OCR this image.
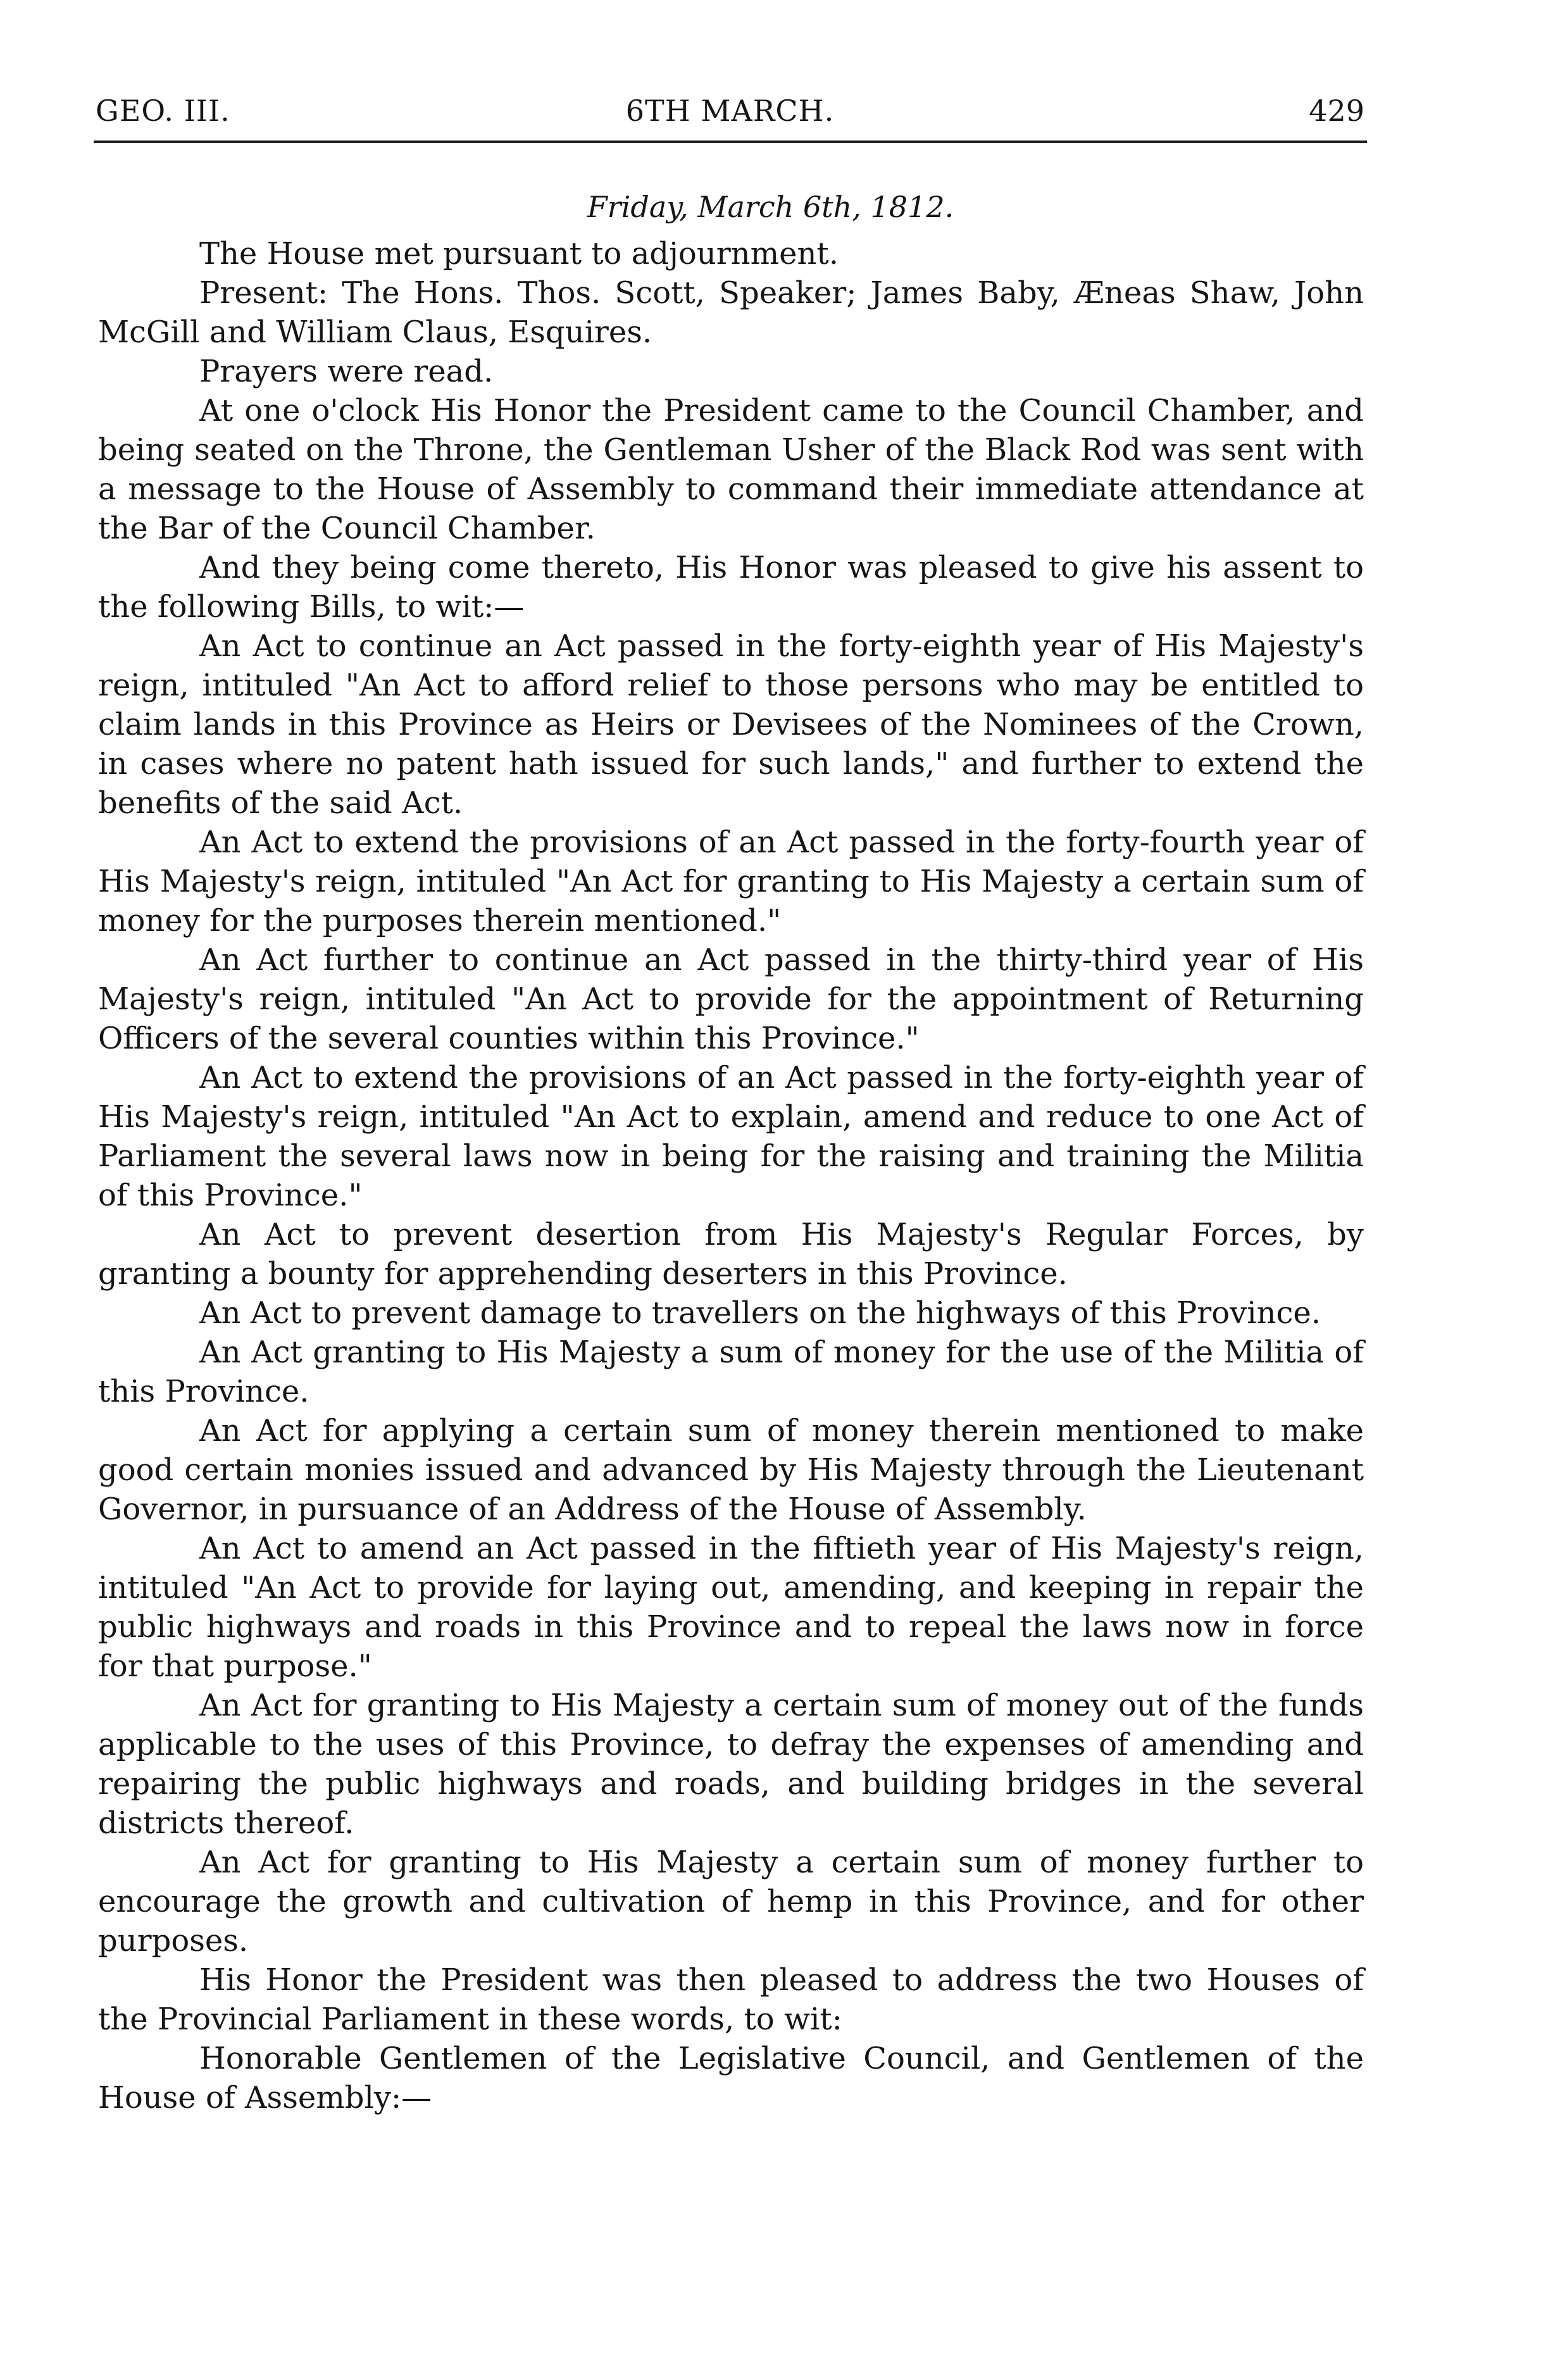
GEO. III.	6TH MARCH.	429
Friday, March 6th, 1812.

The House met pursuant to adjournment.

Present: The Hons. Thos. Scott, Speaker; James Baby, Æneas Shaw, John McGill and William Claus, Esquires.

Prayers were read.

At one o'clock His Honor the President came to the Council Chamber, and being seated on the Throne, the Gentleman Usher of the Black Rod was sent with a message to the House of Assembly to command their immediate attendance at the Bar of the Council Chamber.

And they being come thereto, His Honor was pleased to give his assent to the following Bills, to wit:—

An Act to continue an Act passed in the forty-eighth year of His Majesty's reign, intituled "An Act to afford relief to those persons who may be entitled to claim lands in this Province as Heirs or Devisees of the Nominees of the Crown, in cases where no patent hath issued for such lands," and further to extend the benefits of the said Act.

An Act to extend the provisions of an Act passed in the forty-fourth year of His Majesty's reign, intituled "An Act for granting to His Majesty a certain sum of money for the purposes therein mentioned."

An Act further to continue an Act passed in the thirty-third year of His Majesty's reign, intituled "An Act to provide for the appointment of Returning Officers of the several counties within this Province."

An Act to extend the provisions of an Act passed in the forty-eighth year of His Majesty's reign, intituled "An Act to explain, amend and reduce to one Act of Parliament the several laws now in being for the raising and training the Militia of this Province."

An Act to prevent desertion from His Majesty's Regular Forces, by granting a bounty for apprehending deserters in this Province.

An Act to prevent damage to travellers on the highways of this Province.

An Act granting to His Majesty a sum of money for the use of the Militia of this Province.

An Act for applying a certain sum of money therein mentioned to make good certain monies issued and advanced by His Majesty through the Lieutenant Governor, in pursuance of an Address of the House of Assembly.

An Act to amend an Act passed in the fiftieth year of His Majesty's reign, intituled "An Act to provide for laying out, amending, and keeping in repair the public highways and roads in this Province and to repeal the laws now in force for that purpose."

An Act for granting to His Majesty a certain sum of money out of the funds applicable to the uses of this Province, to defray the expenses of amending and repairing the public highways and roads, and building bridges in the several districts thereof.

An Act for granting to His Majesty a certain sum of money further to encourage the growth and cultivation of hemp in this Province, and for other purposes.

His Honor the President was then pleased to address the two Houses of the Provincial Parliament in these words, to wit:

Honorable Gentlemen of the Legislative Council, and Gentlemen of the House of Assembly:—
